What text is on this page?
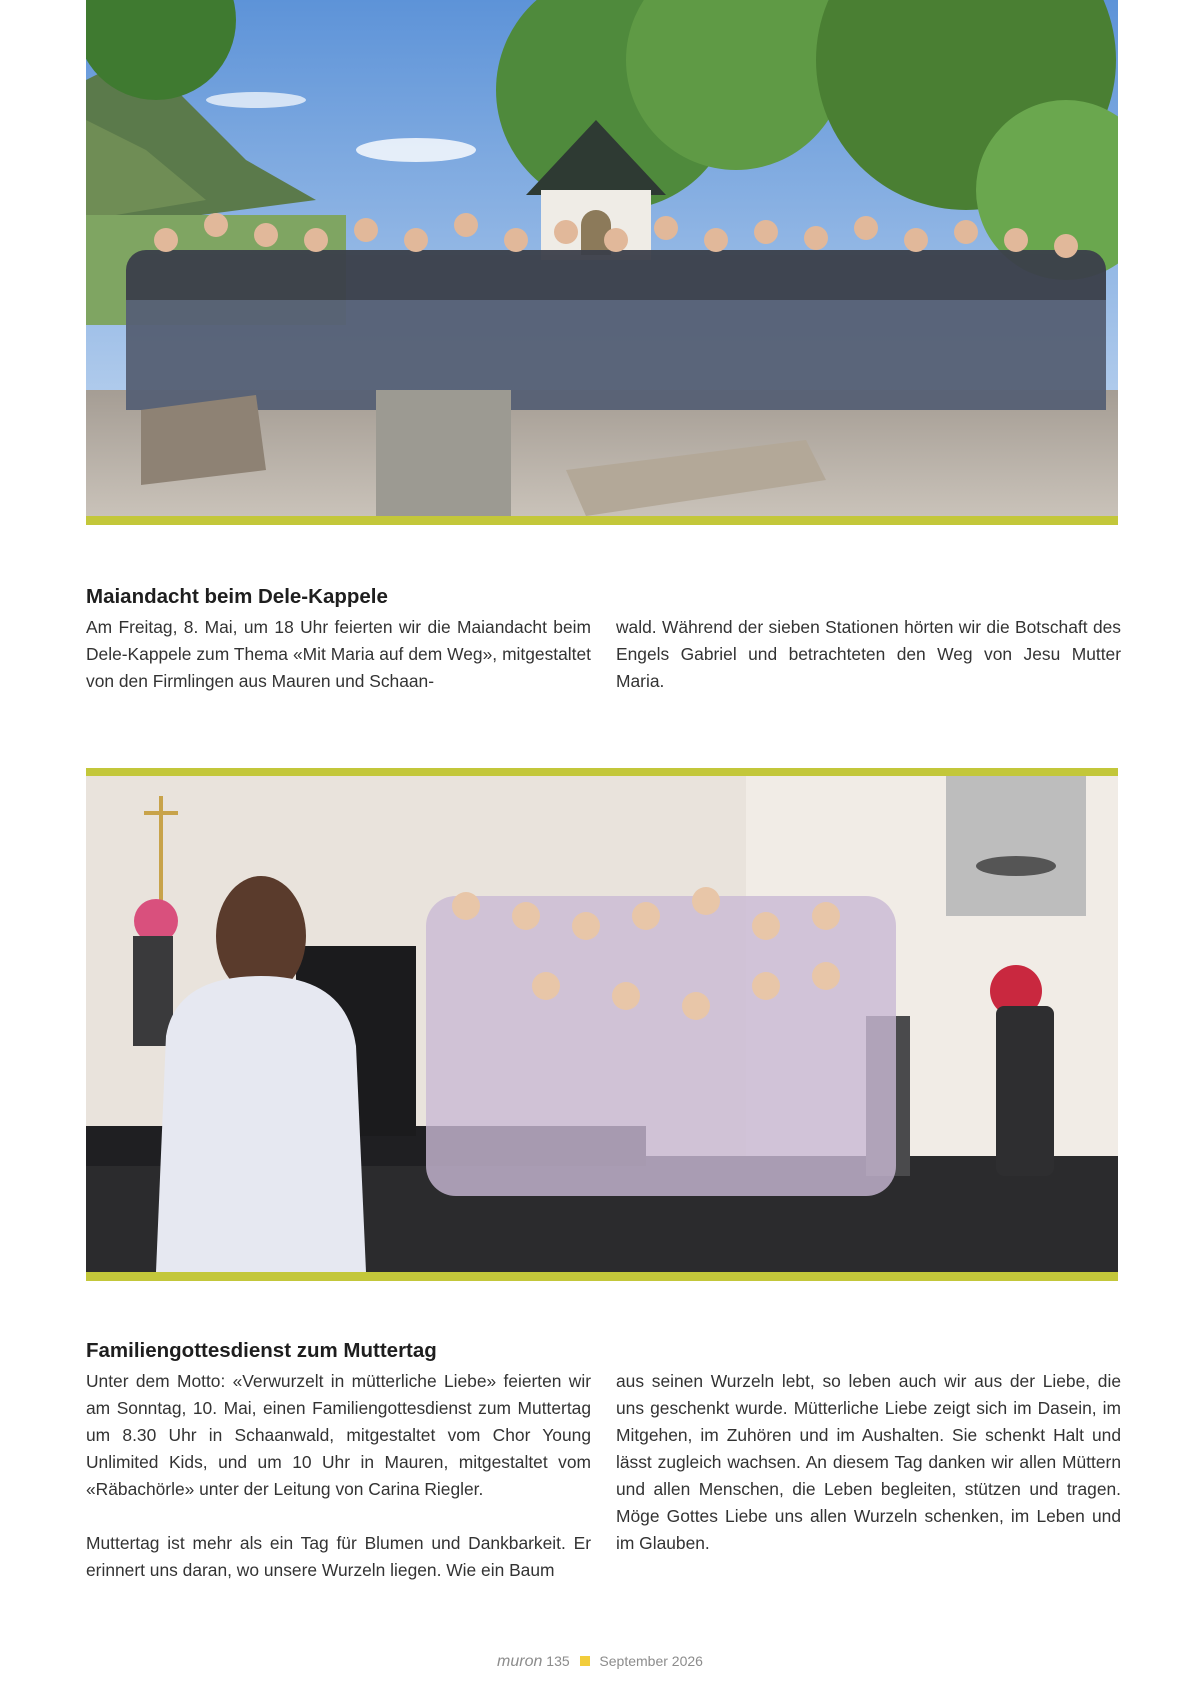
Maiandacht beim Dele-Kappele

Am Freitag, 8. Mai, um 18 Uhr feierten wir die Maiandacht beim Dele-Kappele zum Thema «Mit Maria auf dem Weg», mitgestaltet von den Firmlingen aus Mauren und Schaan-

wald. Während der sieben Stationen hörten wir die Botschaft des Engels Gabriel und betrachteten den Weg von Jesu Mutter Maria.

Familiengottesdienst zum Muttertag

Unter dem Motto: «Verwurzelt in mütterliche Liebe» feierten wir am Sonntag, 10. Mai, einen Familiengottesdienst zum Muttertag um 8.30 Uhr in Schaanwald, mitgestaltet vom Chor Young Unlimited Kids, und um 10 Uhr in Mauren, mitgestaltet vom «Räbachörle» unter der Leitung von Carina Riegler.

Muttertag ist mehr als ein Tag für Blumen und Dankbarkeit. Er erinnert uns daran, wo unsere Wurzeln liegen. Wie ein Baum

aus seinen Wurzeln lebt, so leben auch wir aus der Liebe, die uns geschenkt wurde. Mütterliche Liebe zeigt sich im Dasein, im Mitgehen, im Zuhören und im Aushalten. Sie schenkt Halt und lässt zugleich wachsen. An diesem Tag danken wir allen Müttern und allen Menschen, die Leben begleiten, stützen und tragen. Möge Gottes Liebe uns allen Wurzeln schenken, im Leben und im Glauben.

muron 135 September 2026
